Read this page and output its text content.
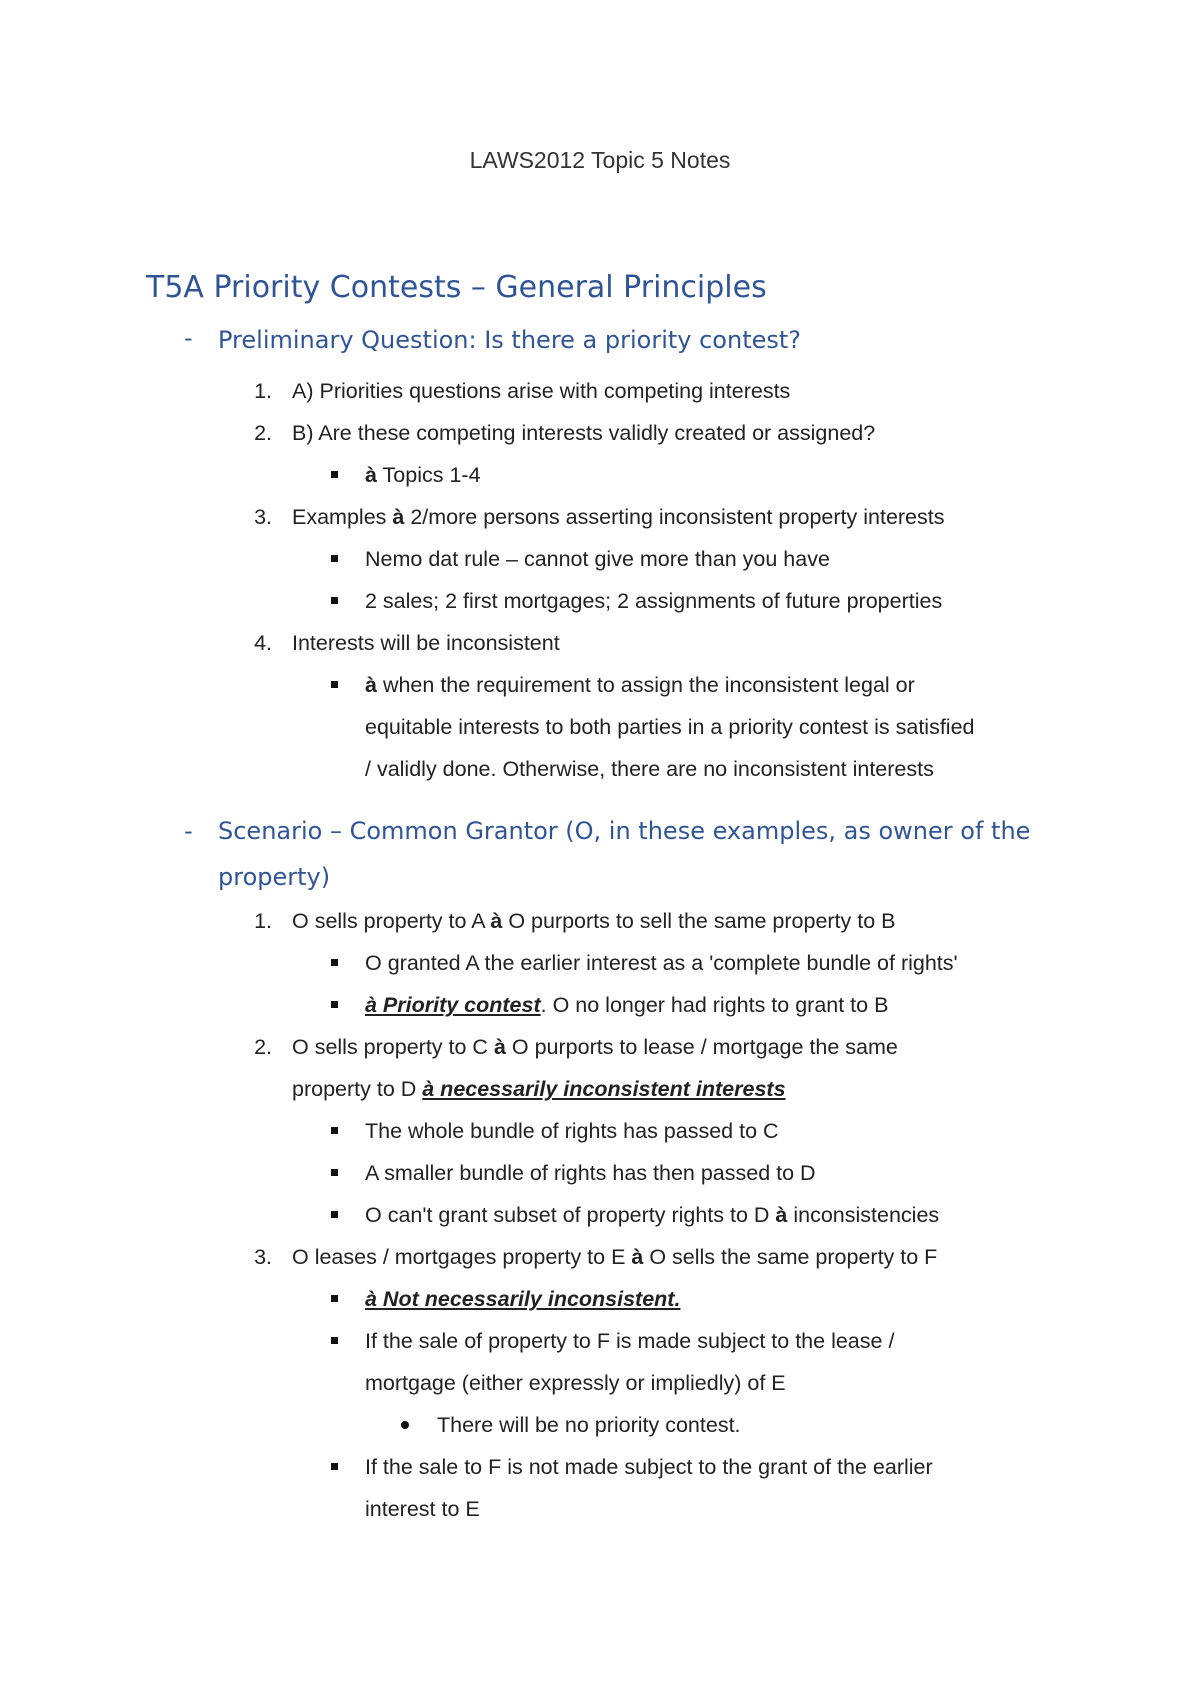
LAWS2012 Topic 5 Notes
T5A Priority Contests – General Principles
- Preliminary Question: Is there a priority contest?
1. A) Priorities questions arise with competing interests
2. B) Are these competing interests validly created or assigned?
à Topics 1-4
3. Examples à 2/more persons asserting inconsistent property interests
Nemo dat rule – cannot give more than you have
2 sales; 2 first mortgages; 2 assignments of future properties
4. Interests will be inconsistent
à when the requirement to assign the inconsistent legal or
equitable interests to both parties in a priority contest is satisfied
/ validly done. Otherwise, there are no inconsistent interests
- Scenario – Common Grantor (O, in these examples, as owner of the property)
1. O sells property to A à O purports to sell the same property to B
O granted A the earlier interest as a 'complete bundle of rights'
à Priority contest. O no longer had rights to grant to B
2. O sells property to C à O purports to lease / mortgage the same
property to D à necessarily inconsistent interests
The whole bundle of rights has passed to C
A smaller bundle of rights has then passed to D
O can't grant subset of property rights to D à inconsistencies
3. O leases / mortgages property to E à O sells the same property to F
à Not necessarily inconsistent.
If the sale of property to F is made subject to the lease /
mortgage (either expressly or impliedly) of E
There will be no priority contest.
If the sale to F is not made subject to the grant of the earlier
interest to E
